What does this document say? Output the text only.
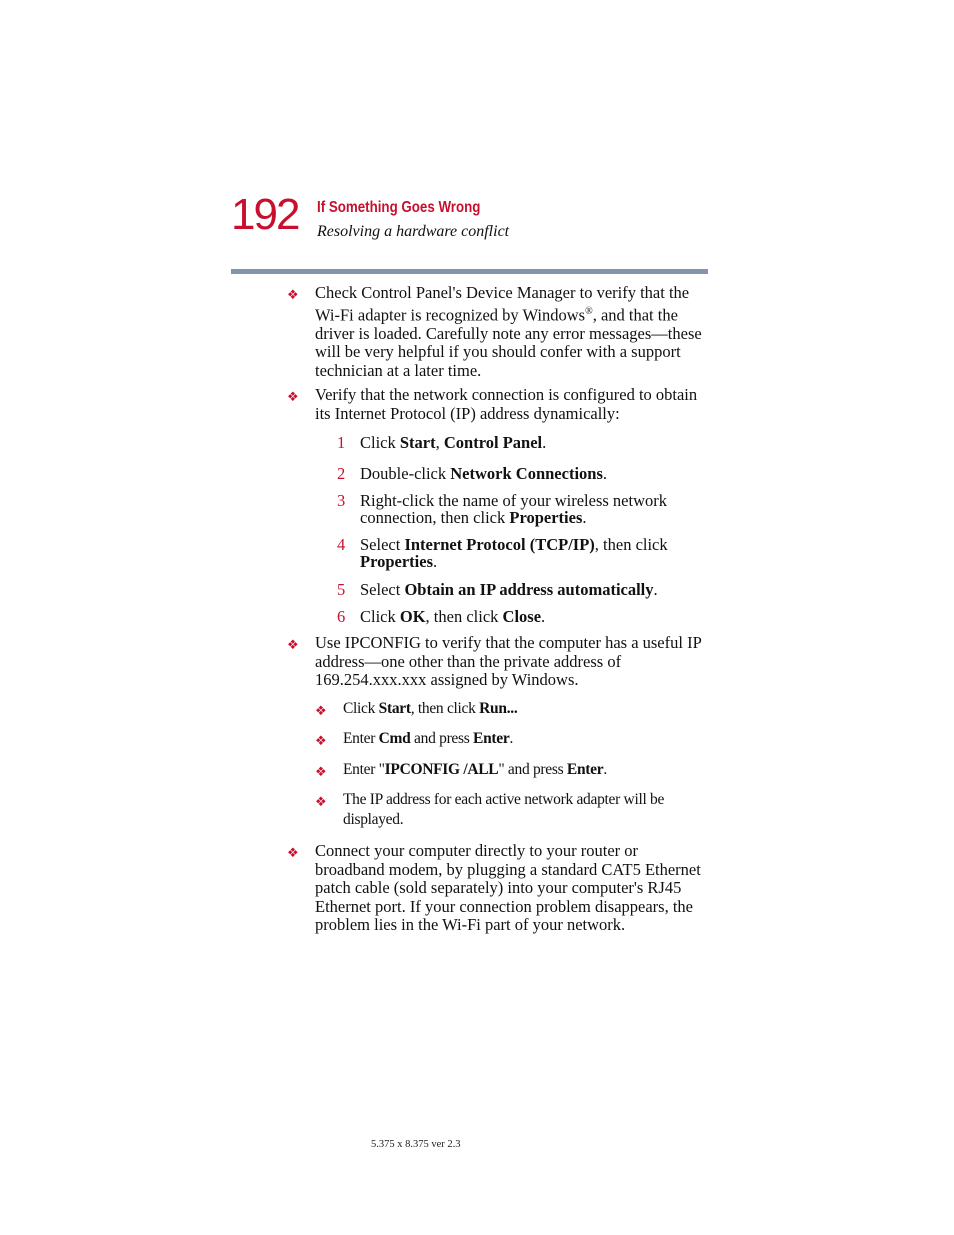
192 If Something Goes Wrong
Resolving a hardware conflict
❖ Check Control Panel's Device Manager to verify that the Wi-Fi adapter is recognized by Windows®, and that the driver is loaded. Carefully note any error messages—these will be very helpful if you should confer with a support technician at a later time.
❖ Verify that the network connection is configured to obtain its Internet Protocol (IP) address dynamically:
1 Click Start, Control Panel.
2 Double-click Network Connections.
3 Right-click the name of your wireless network connection, then click Properties.
4 Select Internet Protocol (TCP/IP), then click Properties.
5 Select Obtain an IP address automatically.
6 Click OK, then click Close.
❖ Use IPCONFIG to verify that the computer has a useful IP address—one other than the private address of 169.254.xxx.xxx assigned by Windows.
❖ Click Start, then click Run...
❖ Enter Cmd and press Enter.
❖ Enter "IPCONFIG /ALL" and press Enter.
❖ The IP address for each active network adapter will be displayed.
❖ Connect your computer directly to your router or broadband modem, by plugging a standard CAT5 Ethernet patch cable (sold separately) into your computer's RJ45 Ethernet port. If your connection problem disappears, the problem lies in the Wi-Fi part of your network.
5.375 x 8.375 ver 2.3
